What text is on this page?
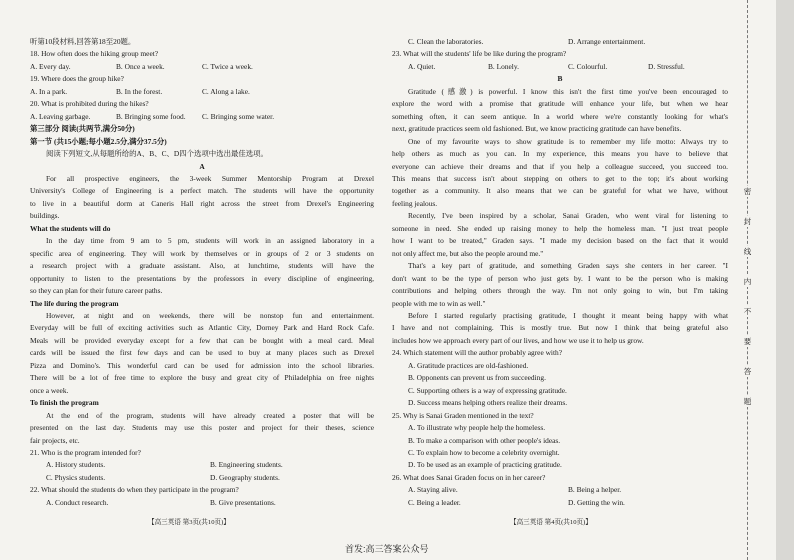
听第10段材料,回答第18至20题。
18. How often does the hiking group meet?
A. Every day.	B. Once a week.	C. Twice a week.
19. Where does the group hike?
A. In a park.	B. In the forest.	C. Along a lake.
20. What is prohibited during the hikes?
A. Leaving garbage.	B. Bringing some food.	C. Bringing some water.
第三部分 阅读(共两节,满分50分)
第一节 (共15小题;每小题2.5分,满分37.5分)
阅读下列短文,从每题所给的A、B、C、D四个选项中选出最佳选项。
A
For all prospective engineers, the 3-week Summer Mentorship Program at Drexel
University's College of Engineering is a perfect match. The students will have the opportunity
to live in a beautiful dorm at Caneris Hall right across the street from Drexel's Engineering
buildings.
What the students will do
In the day time from 9 am to 5 pm, students will work in an assigned laboratory in a
specific area of engineering. They will work by themselves or in groups of 2 or 3 students on
a research project with a graduate assistant. Also, at lunchtime, students will have the
opportunity to listen to the presentations by the professors in every discipline of engineering,
so they can plan for their future career paths.
The life during the program
However, at night and on weekends, there will be nonstop fun and entertainment.
Everyday will be full of exciting activities such as Atlantic City, Dorney Park and Hard Rock Cafe.
Meals will be provided everyday except for a few that can be bought with a meal card. Meal
cards will be issued the first few days and can be used to buy at many places such as Drexel
Pizza and Domino's. This wonderful card can be used for admission into the school libraries.
There will be a lot of free time to explore the busy and great city of Philadelphia on free nights
once a week.
To finish the program
At the end of the program, students will have already created a poster that will be
presented on the last day. Students may use this poster and project for their theses, science
fair projects, etc.
21. Who is the program intended for?
A. History students.	B. Engineering students.
C. Physics students.	D. Geography students.
22. What should the students do when they participate in the program?
A. Conduct research.	B. Give presentations.
C. Clean the laboratories.	D. Arrange entertainment.
23. What will the students' life be like during the program?
A. Quiet.	B. Lonely.	C. Colourful.	D. Stressful.
B
Gratitude (感激) is powerful. I know this isn't the first time you've been encouraged to
explore the word with a promise that gratitude will enhance your life, but when we hear
something often, it can seem antique. In a world where we're constantly looking for what's
next, gratitude practices seem old fashioned. But, we know practicing gratitude can have benefits.
One of my favourite ways to show gratitude is to remember my life motto: Always try to
help others as much as you can. In my experience, this means you have to believe that
everyone can achieve their dreams and that if you help a colleague succeed, you succeed too.
This means that success isn't about stepping on others to get to the top; it's about working
together as a community. It also means that we can be grateful for what we have, without
feeling jealous.
Recently, I've been inspired by a scholar, Sanai Graden, who went viral for listening to
someone in need. She ended up raising money to help the homeless man. "I just treat people
how I want to be treated," Graden says. "I made my decision based on the fact that it would
not only affect me, but also the people around me."
That's a key part of gratitude, and something Graden says she centers in her career. "I
don't want to be the type of person who just gets by. I want to be the person who is making
contributions and helping others through the way. I'm not only going to win, but I'm taking
people with me to win as well."
Before I started regularly practising gratitude, I thought it meant being happy with what
I have and not complaining. This is mostly true. But now I think that being grateful also
includes how we approach every part of our lives, and how we use it to help us grow.
24. Which statement will the author probably agree with?
A. Gratitude practices are old-fashioned.
B. Opponents can prevent us from succeeding.
C. Supporting others is a way of expressing gratitude.
D. Success means helping others realize their dreams.
25. Why is Sanai Graden mentioned in the text?
A. To illustrate why people help the homeless.
B. To make a comparison with other people's ideas.
C. To explain how to become a celebrity overnight.
D. To be used as an example of practicing gratitude.
26. What does Sanai Graden focus on in her career?
A. Staying alive.	B. Being a helper.
C. Being a leader.	D. Getting the win.
【高三英语 第3页(共10页)】	【高三英语 第4页(共10页)】
首发:高三答案公众号
密
封
线
内
不
要
答
题
